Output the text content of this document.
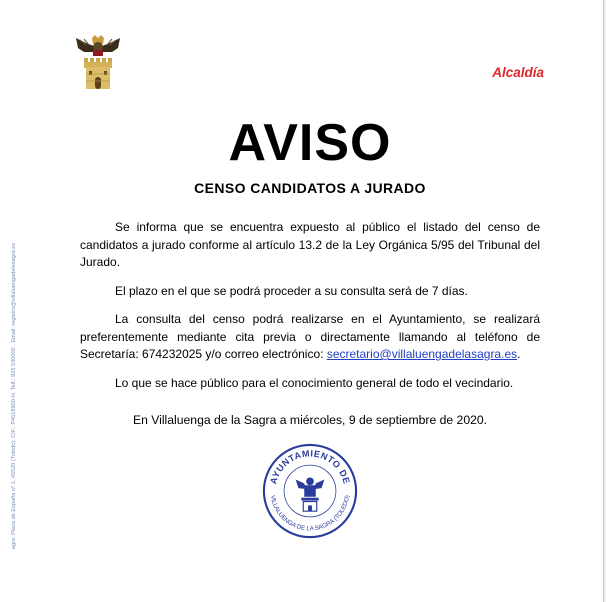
agra. Plaza de España nº 1. 45520 (Toledo). CIF.: P4518900-H. Telf.: 925 530000 . Email: registro@villaluengadelasagra.es
Alcaldía
AVISO
CENSO CANDIDATOS A JURADO

Se informa que se encuentra expuesto al público el listado del censo de candidatos a jurado conforme al artículo 13.2 de la Ley Orgánica 5/95 del Tribunal del Jurado.

El plazo en el que se podrá proceder a su consulta será de 7 días.

La consulta del censo podrá realizarse en el Ayuntamiento, se realizará preferentemente mediante cita previa o directamente llamando al teléfono de Secretaría: 674232025 y/o correo electrónico: secretario@villaluengadelasagra.es.

Lo que se hace público para el conocimiento general de todo el vecindario.

En Villaluenga de la Sagra a miércoles, 9 de septiembre de 2020.
AYUNTAMIENTO DE
VILLALUENGA DE LA SAGRA (TOLEDO)
